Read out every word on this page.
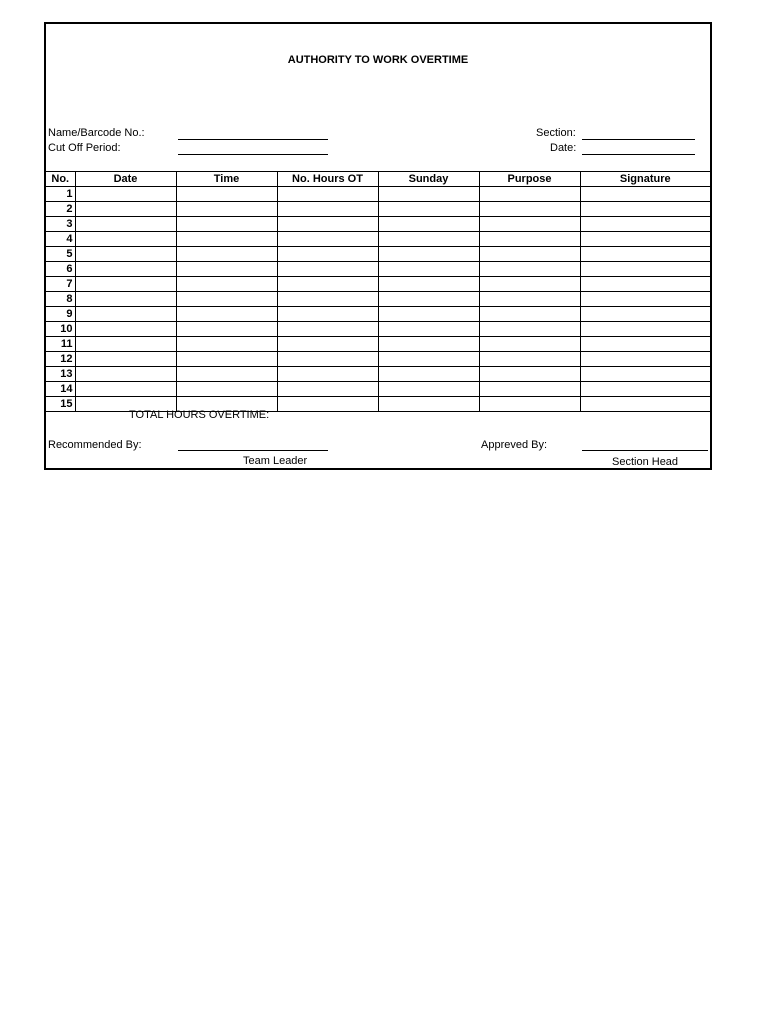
AUTHORITY TO WORK OVERTIME
Name/Barcode No.:
Cut Off Period:
Section:
Date:
No.	Date	Time	No. Hours OT	Sunday	Purpose	Signature
1						
2						
3						
4						
5						
6						
7						
8						
9						
10						
11						
12						
13						
14						
15						
TOTAL HOURS OVERTIME:
Recommended By:
Team Leader
Appreved By:
Section Head
